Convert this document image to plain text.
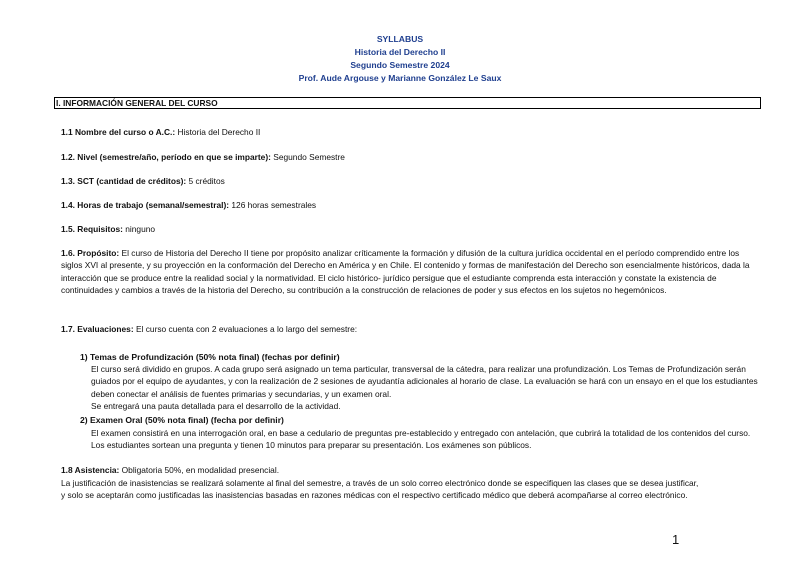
SYLLABUS
Historia del Derecho II
Segundo Semestre 2024
Prof. Aude Argouse y Marianne González Le Saux
I. INFORMACIÓN GENERAL DEL CURSO
1.1 Nombre del curso o A.C.: Historia del Derecho II
1.2. Nivel (semestre/año, período en que se imparte): Segundo Semestre
1.3. SCT (cantidad de créditos): 5 créditos
1.4. Horas de trabajo (semanal/semestral): 126 horas semestrales
1.5. Requisitos: ninguno
1.6. Propósito: El curso de Historia del Derecho II tiene por propósito analizar críticamente la formación y difusión de la cultura jurídica occidental en el período comprendido entre los siglos XVI al presente, y su proyección en la conformación del Derecho en América y en Chile. El contenido y formas de manifestación del Derecho son esencialmente históricos, dada la interacción que se produce entre la realidad social y la normatividad. El ciclo histórico- jurídico persigue que el estudiante comprenda esta interacción y constate la existencia de continuidades y cambios a través de la historia del Derecho, su contribución a la construcción de relaciones de poder y sus efectos en los sujetos no hegemónicos.
1.7. Evaluaciones: El curso cuenta con 2 evaluaciones a lo largo del semestre:
1) Temas de Profundización (50% nota final) (fechas por definir)

El curso será dividido en grupos. A cada grupo será asignado un tema particular, transversal de la cátedra, para realizar una profundización. Los Temas de Profundización serán guiados por el equipo de ayudantes, y con la realización de 2 sesiones de ayudantía adicionales al horario de clase. La evaluación se hará con un ensayo en el que los estudiantes deben conectar el análisis de fuentes primarias y secundarias, y un examen oral.

Se entregará una pauta detallada para el desarrollo de la actividad.

2) Examen Oral (50% nota final) (fecha por definir)
El examen consistirá en una interrogación oral, en base a cedulario de preguntas pre-establecido y entregado con antelación, que cubrirá la totalidad de los contenidos del curso. Los estudiantes sortean una pregunta y tienen 10 minutos para preparar su presentación. Los exámenes son públicos.
1.8 Asistencia: Obligatoria 50%, en modalidad presencial.
La justificación de inasistencias se realizará solamente al final del semestre, a través de un solo correo electrónico donde se especifiquen las clases que se desea justificar, y solo se aceptarán como justificadas las inasistencias basadas en razones médicas con el respectivo certificado médico que deberá acompañarse al correo electrónico.
1
